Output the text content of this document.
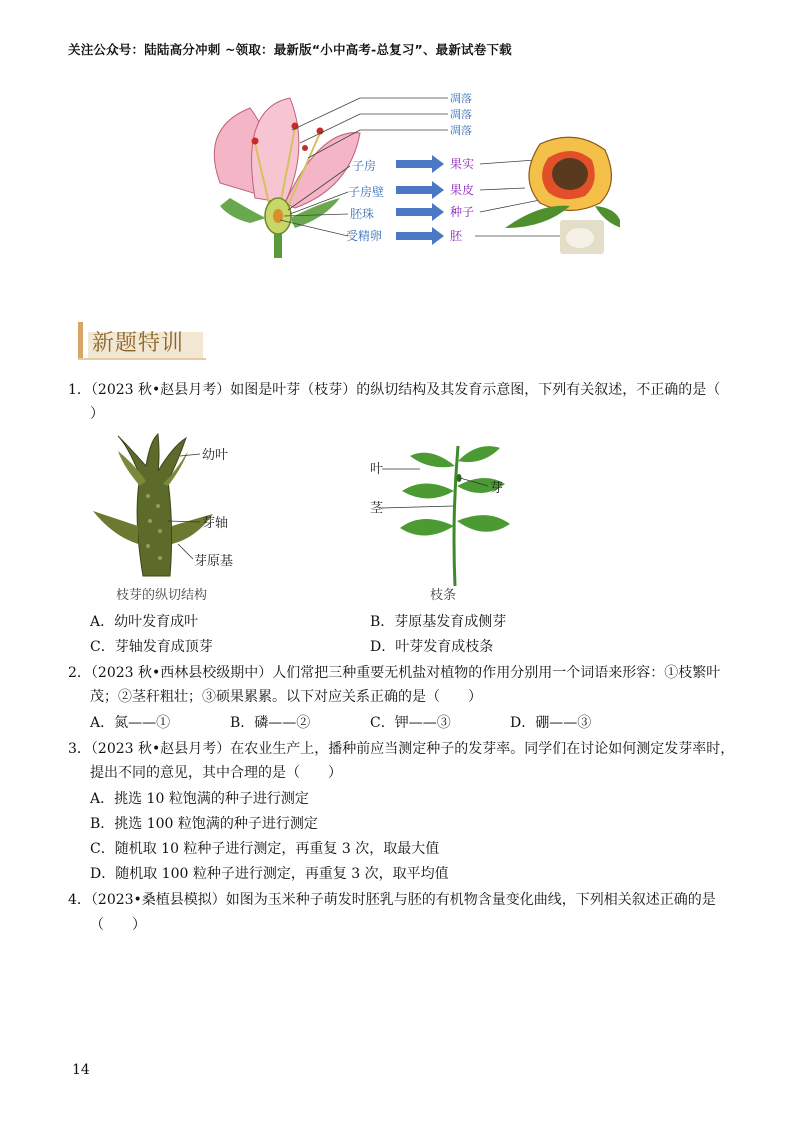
关注公众号：陆陆高分冲刺 ~领取：最新版“小中高考-总复习”、最新试卷下载
凋落
凋落
凋落
子房
子房壁
胚珠
受精卵
果实
果皮
种子
胚
新题特训
1．（2023 秋•赵县月考）如图是叶芽（枝芽）的纵切结构及其发育示意图，下列有关叙述，不正确的是（
）
幼叶
芽轴
芽原基
枝芽的纵切结构
叶
芽
茎
枝条
A．幼叶发育成叶	B．芽原基发育成侧芽
C．芽轴发育成顶芽	D．叶芽发育成枝条
2．（2023 秋•西林县校级期中）人们常把三种重要无机盐对植物的作用分别用一个词语来形容：①枝繁叶
茂；②茎秆粗壮；③硕果累累。以下对应关系正确的是（　　）
A．氮——①	B．磷——②	C．钾——③	D．硼——③
3．（2023 秋•赵县月考）在农业生产上，播种前应当测定种子的发芽率。同学们在讨论如何测定发芽率时，
提出不同的意见，其中合理的是（　　）
A．挑选 10 粒饱满的种子进行测定
B．挑选 100 粒饱满的种子进行测定
C．随机取 10 粒种子进行测定，再重复 3 次，取最大值
D．随机取 100 粒种子进行测定，再重复 3 次，取平均值
4．（2023•桑植县模拟）如图为玉米种子萌发时胚乳与胚的有机物含量变化曲线，下列相关叙述正确的是
（　　）
14
